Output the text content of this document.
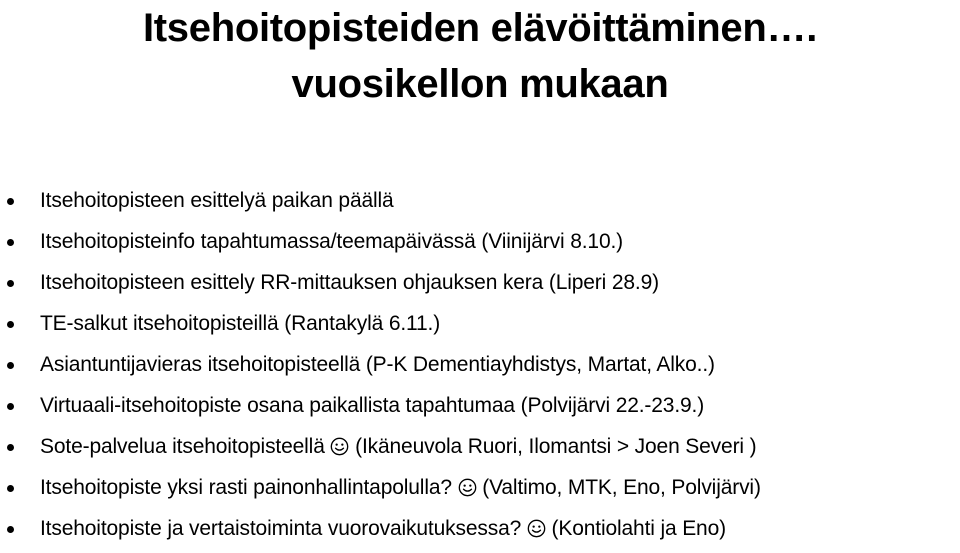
Itsehoitopisteiden elävöittäminen….
vuosikellon mukaan
Itsehoitopisteen esittelyä paikan päällä
Itsehoitopisteinfo tapahtumassa/teemapäivässä (Viinijärvi 8.10.)
Itsehoitopisteen esittely RR-mittauksen ohjauksen kera (Liperi 28.9)
TE-salkut itsehoitopisteillä (Rantakylä 6.11.)
Asiantuntijavieras itsehoitopisteellä (P-K Dementiayhdistys, Martat, Alko..)
Virtuaali-itsehoitopiste osana paikallista tapahtumaa (Polvijärvi 22.-23.9.)
Sote-palvelua itsehoitopisteellä (Ikäneuvola Ruori, Ilomantsi > Joen Severi )
Itsehoitopiste yksi rasti painonhallintapolulla? (Valtimo, MTK, Eno, Polvijärvi)
Itsehoitopiste ja vertaistoiminta vuorovaikutuksessa? (Kontiolahti ja Eno)
